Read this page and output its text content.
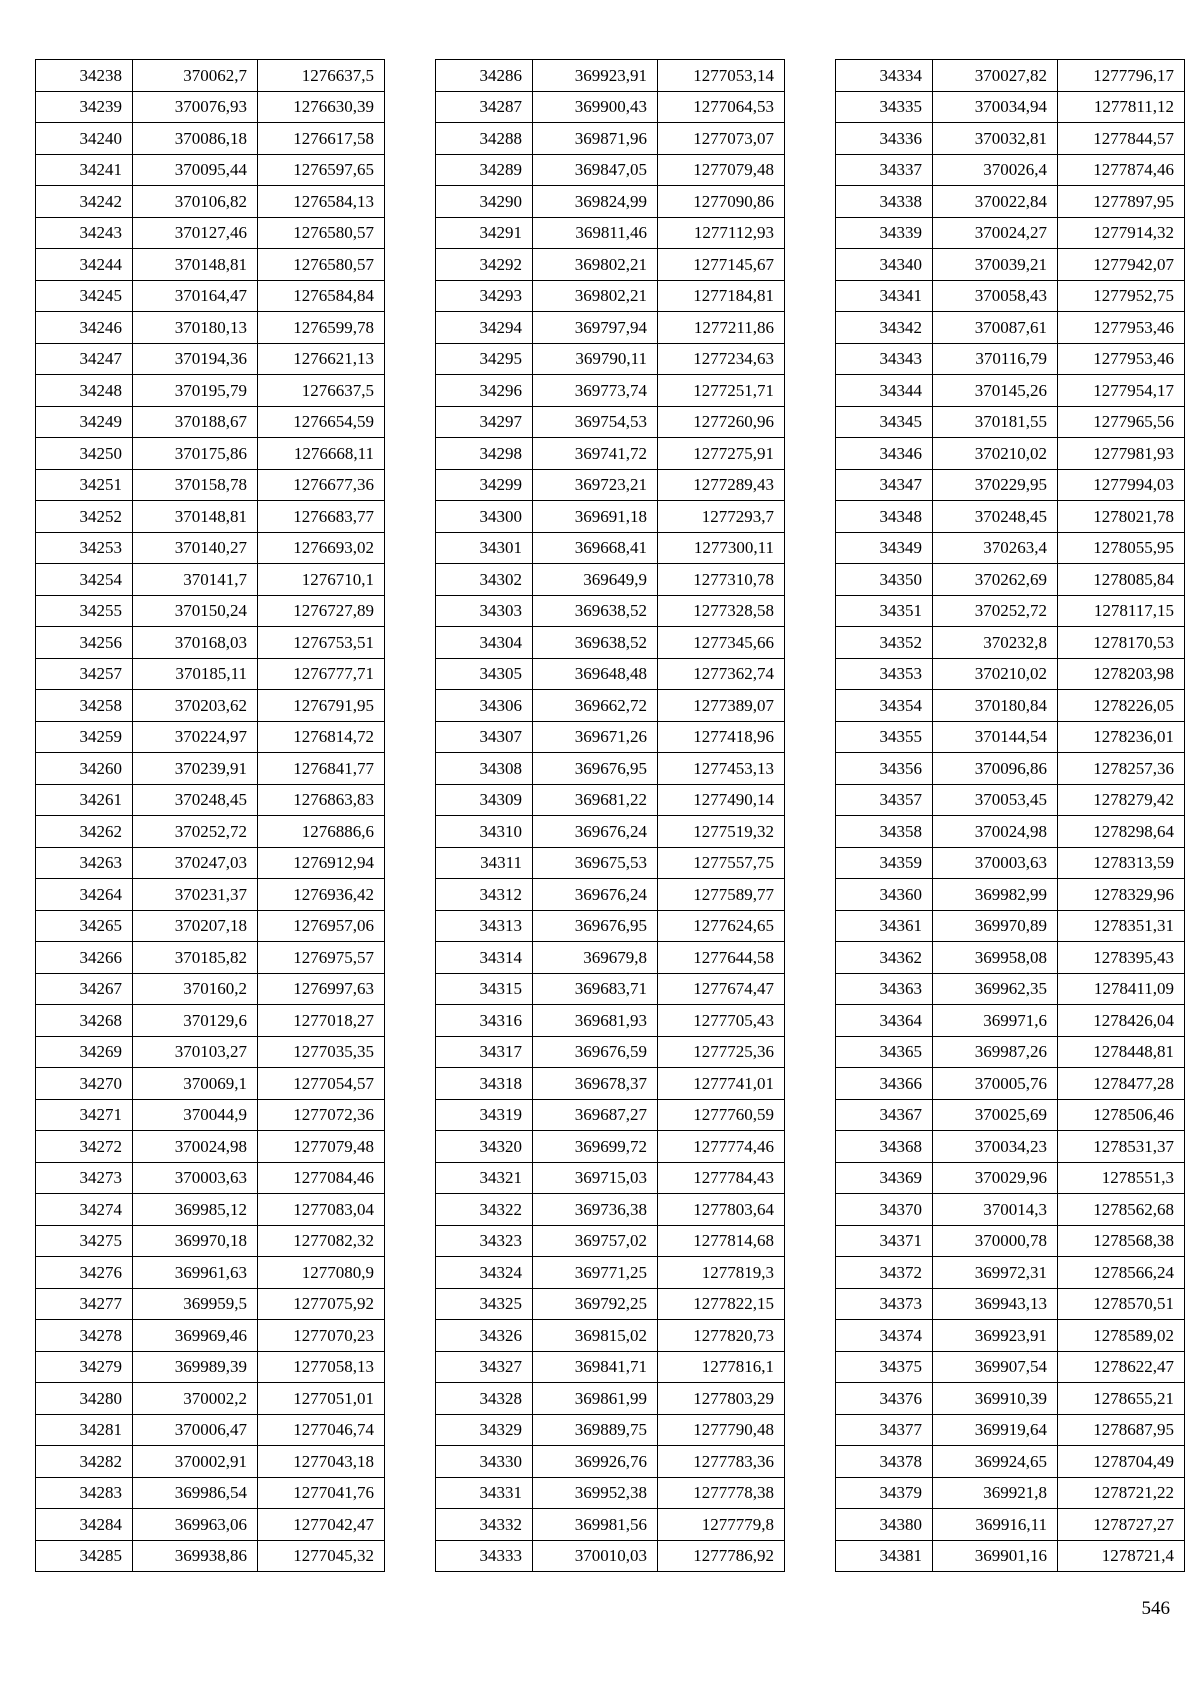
34238	370062,7	1276637,5
34239	370076,93	1276630,39
34240	370086,18	1276617,58
34241	370095,44	1276597,65
34242	370106,82	1276584,13
34243	370127,46	1276580,57
34244	370148,81	1276580,57
34245	370164,47	1276584,84
34246	370180,13	1276599,78
34247	370194,36	1276621,13
34248	370195,79	1276637,5
34249	370188,67	1276654,59
34250	370175,86	1276668,11
34251	370158,78	1276677,36
34252	370148,81	1276683,77
34253	370140,27	1276693,02
34254	370141,7	1276710,1
34255	370150,24	1276727,89
34256	370168,03	1276753,51
34257	370185,11	1276777,71
34258	370203,62	1276791,95
34259	370224,97	1276814,72
34260	370239,91	1276841,77
34261	370248,45	1276863,83
34262	370252,72	1276886,6
34263	370247,03	1276912,94
34264	370231,37	1276936,42
34265	370207,18	1276957,06
34266	370185,82	1276975,57
34267	370160,2	1276997,63
34268	370129,6	1277018,27
34269	370103,27	1277035,35
34270	370069,1	1277054,57
34271	370044,9	1277072,36
34272	370024,98	1277079,48
34273	370003,63	1277084,46
34274	369985,12	1277083,04
34275	369970,18	1277082,32
34276	369961,63	1277080,9
34277	369959,5	1277075,92
34278	369969,46	1277070,23
34279	369989,39	1277058,13
34280	370002,2	1277051,01
34281	370006,47	1277046,74
34282	370002,91	1277043,18
34283	369986,54	1277041,76
34284	369963,06	1277042,47
34285	369938,86	1277045,32
34286	369923,91	1277053,14
34287	369900,43	1277064,53
34288	369871,96	1277073,07
34289	369847,05	1277079,48
34290	369824,99	1277090,86
34291	369811,46	1277112,93
34292	369802,21	1277145,67
34293	369802,21	1277184,81
34294	369797,94	1277211,86
34295	369790,11	1277234,63
34296	369773,74	1277251,71
34297	369754,53	1277260,96
34298	369741,72	1277275,91
34299	369723,21	1277289,43
34300	369691,18	1277293,7
34301	369668,41	1277300,11
34302	369649,9	1277310,78
34303	369638,52	1277328,58
34304	369638,52	1277345,66
34305	369648,48	1277362,74
34306	369662,72	1277389,07
34307	369671,26	1277418,96
34308	369676,95	1277453,13
34309	369681,22	1277490,14
34310	369676,24	1277519,32
34311	369675,53	1277557,75
34312	369676,24	1277589,77
34313	369676,95	1277624,65
34314	369679,8	1277644,58
34315	369683,71	1277674,47
34316	369681,93	1277705,43
34317	369676,59	1277725,36
34318	369678,37	1277741,01
34319	369687,27	1277760,59
34320	369699,72	1277774,46
34321	369715,03	1277784,43
34322	369736,38	1277803,64
34323	369757,02	1277814,68
34324	369771,25	1277819,3
34325	369792,25	1277822,15
34326	369815,02	1277820,73
34327	369841,71	1277816,1
34328	369861,99	1277803,29
34329	369889,75	1277790,48
34330	369926,76	1277783,36
34331	369952,38	1277778,38
34332	369981,56	1277779,8
34333	370010,03	1277786,92
34334	370027,82	1277796,17
34335	370034,94	1277811,12
34336	370032,81	1277844,57
34337	370026,4	1277874,46
34338	370022,84	1277897,95
34339	370024,27	1277914,32
34340	370039,21	1277942,07
34341	370058,43	1277952,75
34342	370087,61	1277953,46
34343	370116,79	1277953,46
34344	370145,26	1277954,17
34345	370181,55	1277965,56
34346	370210,02	1277981,93
34347	370229,95	1277994,03
34348	370248,45	1278021,78
34349	370263,4	1278055,95
34350	370262,69	1278085,84
34351	370252,72	1278117,15
34352	370232,8	1278170,53
34353	370210,02	1278203,98
34354	370180,84	1278226,05
34355	370144,54	1278236,01
34356	370096,86	1278257,36
34357	370053,45	1278279,42
34358	370024,98	1278298,64
34359	370003,63	1278313,59
34360	369982,99	1278329,96
34361	369970,89	1278351,31
34362	369958,08	1278395,43
34363	369962,35	1278411,09
34364	369971,6	1278426,04
34365	369987,26	1278448,81
34366	370005,76	1278477,28
34367	370025,69	1278506,46
34368	370034,23	1278531,37
34369	370029,96	1278551,3
34370	370014,3	1278562,68
34371	370000,78	1278568,38
34372	369972,31	1278566,24
34373	369943,13	1278570,51
34374	369923,91	1278589,02
34375	369907,54	1278622,47
34376	369910,39	1278655,21
34377	369919,64	1278687,95
34378	369924,65	1278704,49
34379	369921,8	1278721,22
34380	369916,11	1278727,27
34381	369901,16	1278721,4
546
